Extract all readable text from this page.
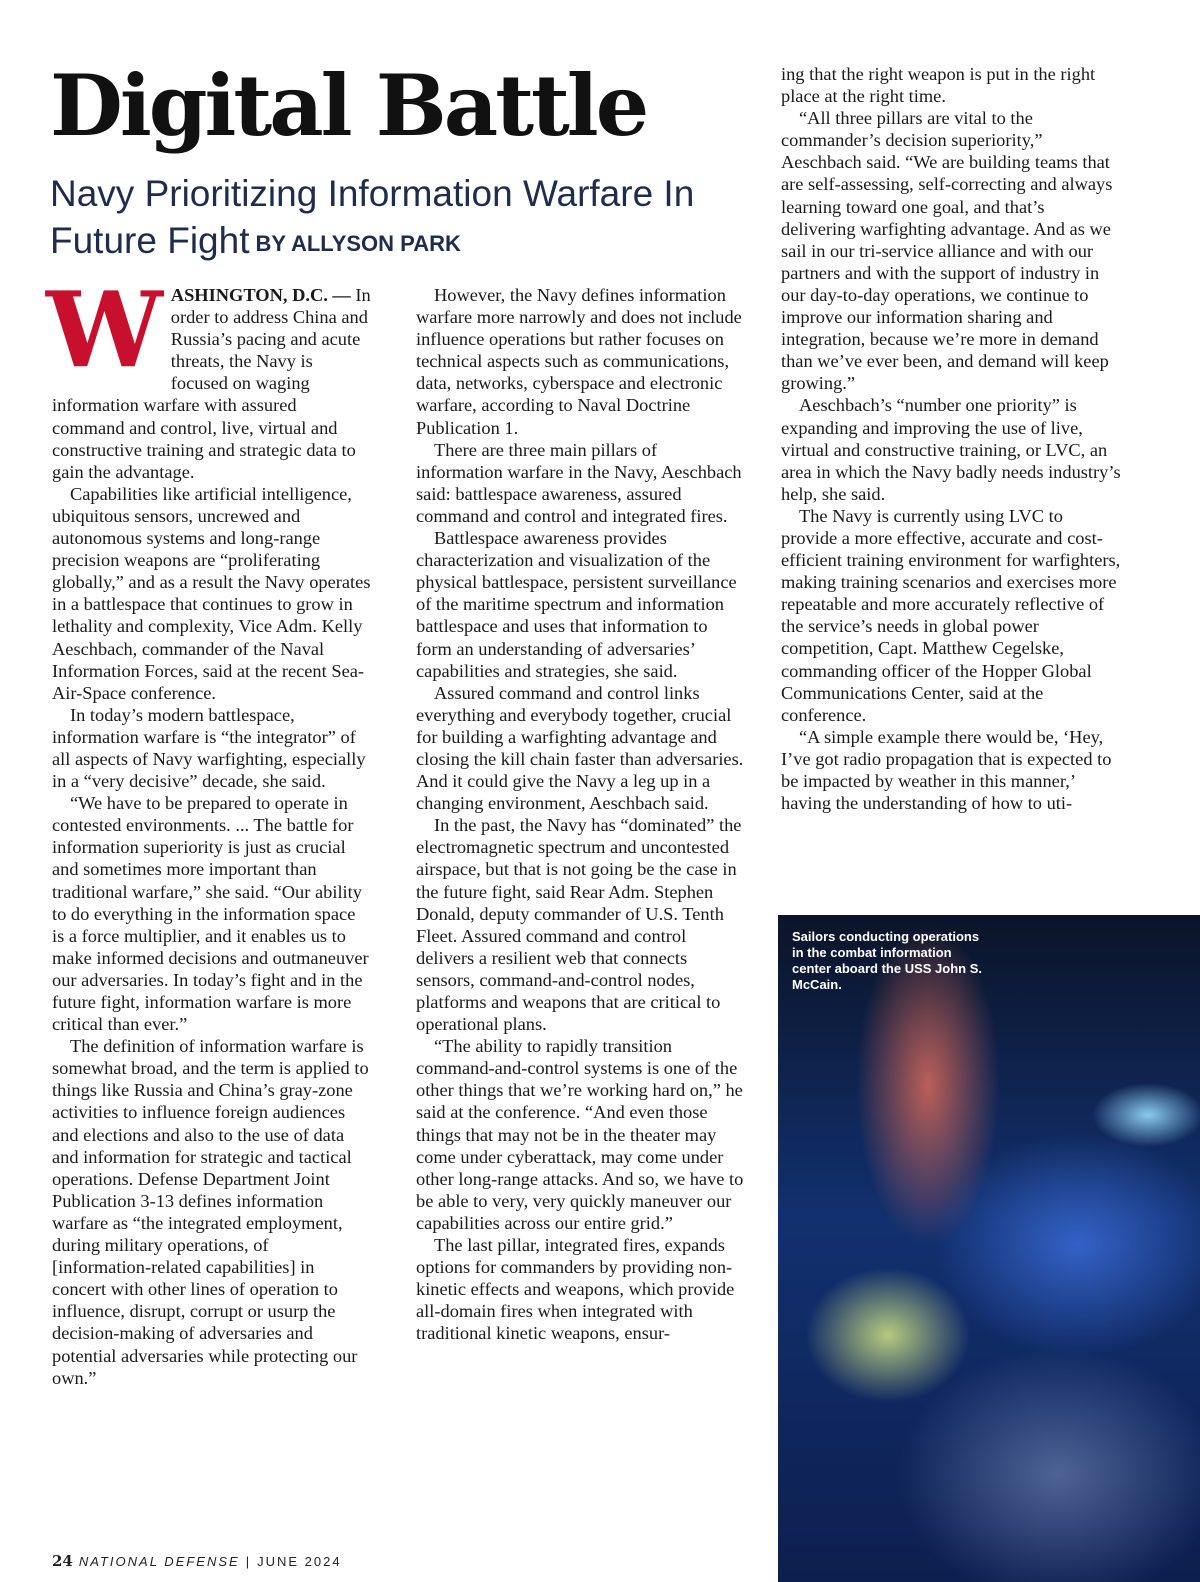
Digital Battle
Navy Prioritizing Information Warfare In Future Fight BY ALLYSON PARK

WASHINGTON, D.C. — In order to address China and Russia’s pacing and acute threats, the Navy is focused on waging information warfare with assured command and control, live, virtual and constructive training and strategic data to gain the advantage.

Capabilities like artificial intelligence, ubiquitous sensors, uncrewed and autonomous systems and long-range precision weapons are “proliferating globally,” and as a result the Navy operates in a battlespace that continues to grow in lethality and complexity, Vice Adm. Kelly Aeschbach, commander of the Naval Information Forces, said at the recent Sea-Air-Space conference.

In today’s modern battlespace, information warfare is “the integrator” of all aspects of Navy warfighting, especially in a “very decisive” decade, she said.

“We have to be prepared to operate in contested environments. ... The battle for information superiority is just as crucial and sometimes more important than traditional warfare,” she said. “Our ability to do everything in the information space is a force multiplier, and it enables us to make informed decisions and outmaneuver our adversaries. In today’s fight and in the future fight, information warfare is more critical than ever.”

The definition of information warfare is somewhat broad, and the term is applied to things like Russia and China’s gray-zone activities to influence foreign audiences and elections and also to the use of data and information for strategic and tactical operations. Defense Department Joint Publication 3-13 defines information warfare as “the integrated employment, during military operations, of [information-related capabilities] in concert with other lines of operation to influence, disrupt, corrupt or usurp the decision-making of adversaries and potential adversaries while protecting our own.”

However, the Navy defines information warfare more narrowly and does not include influence operations but rather focuses on technical aspects such as communications, data, networks, cyberspace and electronic warfare, according to Naval Doctrine Publication 1.

There are three main pillars of information warfare in the Navy, Aeschbach said: battlespace awareness, assured command and control and integrated fires.

Battlespace awareness provides characterization and visualization of the physical battlespace, persistent surveillance of the maritime spectrum and information battlespace and uses that information to form an understanding of adversaries’ capabilities and strategies, she said.

Assured command and control links everything and everybody together, crucial for building a warfighting advantage and closing the kill chain faster than adversaries. And it could give the Navy a leg up in a changing environment, Aeschbach said.

In the past, the Navy has “dominated” the electromagnetic spectrum and uncontested airspace, but that is not going be the case in the future fight, said Rear Adm. Stephen Donald, deputy commander of U.S. Tenth Fleet. Assured command and control delivers a resilient web that connects sensors, command-and-control nodes, platforms and weapons that are critical to operational plans.

“The ability to rapidly transition command-and-control systems is one of the other things that we’re working hard on,” he said at the conference. “And even those things that may not be in the theater may come under cyberattack, may come under other long-range attacks. And so, we have to be able to very, very quickly maneuver our capabilities across our entire grid.”

The last pillar, integrated fires, expands options for commanders by providing non-kinetic effects and weapons, which provide all-domain fires when integrated with traditional kinetic weapons, ensur-

ing that the right weapon is put in the right place at the right time.

“All three pillars are vital to the commander’s decision superiority,” Aeschbach said. “We are building teams that are self-assessing, self-correcting and always learning toward one goal, and that’s delivering warfighting advantage. And as we sail in our tri-service alliance and with our partners and with the support of industry in our day-to-day operations, we continue to improve our information sharing and integration, because we’re more in demand than we’ve ever been, and demand will keep growing.”

Aeschbach’s “number one priority” is expanding and improving the use of live, virtual and constructive training, or LVC, an area in which the Navy badly needs industry’s help, she said.

The Navy is currently using LVC to provide a more effective, accurate and cost-efficient training environment for warfighters, making training scenarios and exercises more repeatable and more accurately reflective of the service’s needs in global power competition, Capt. Matthew Cegelske, commanding officer of the Hopper Global Communications Center, said at the conference.

“A simple example there would be, ‘Hey, I’ve got radio propagation that is expected to be impacted by weather in this manner,’ having the understanding of how to uti-

Sailors conducting operations in the combat information center aboard the USS John S. McCain.

24 NATIONAL DEFENSE | JUNE 2024
